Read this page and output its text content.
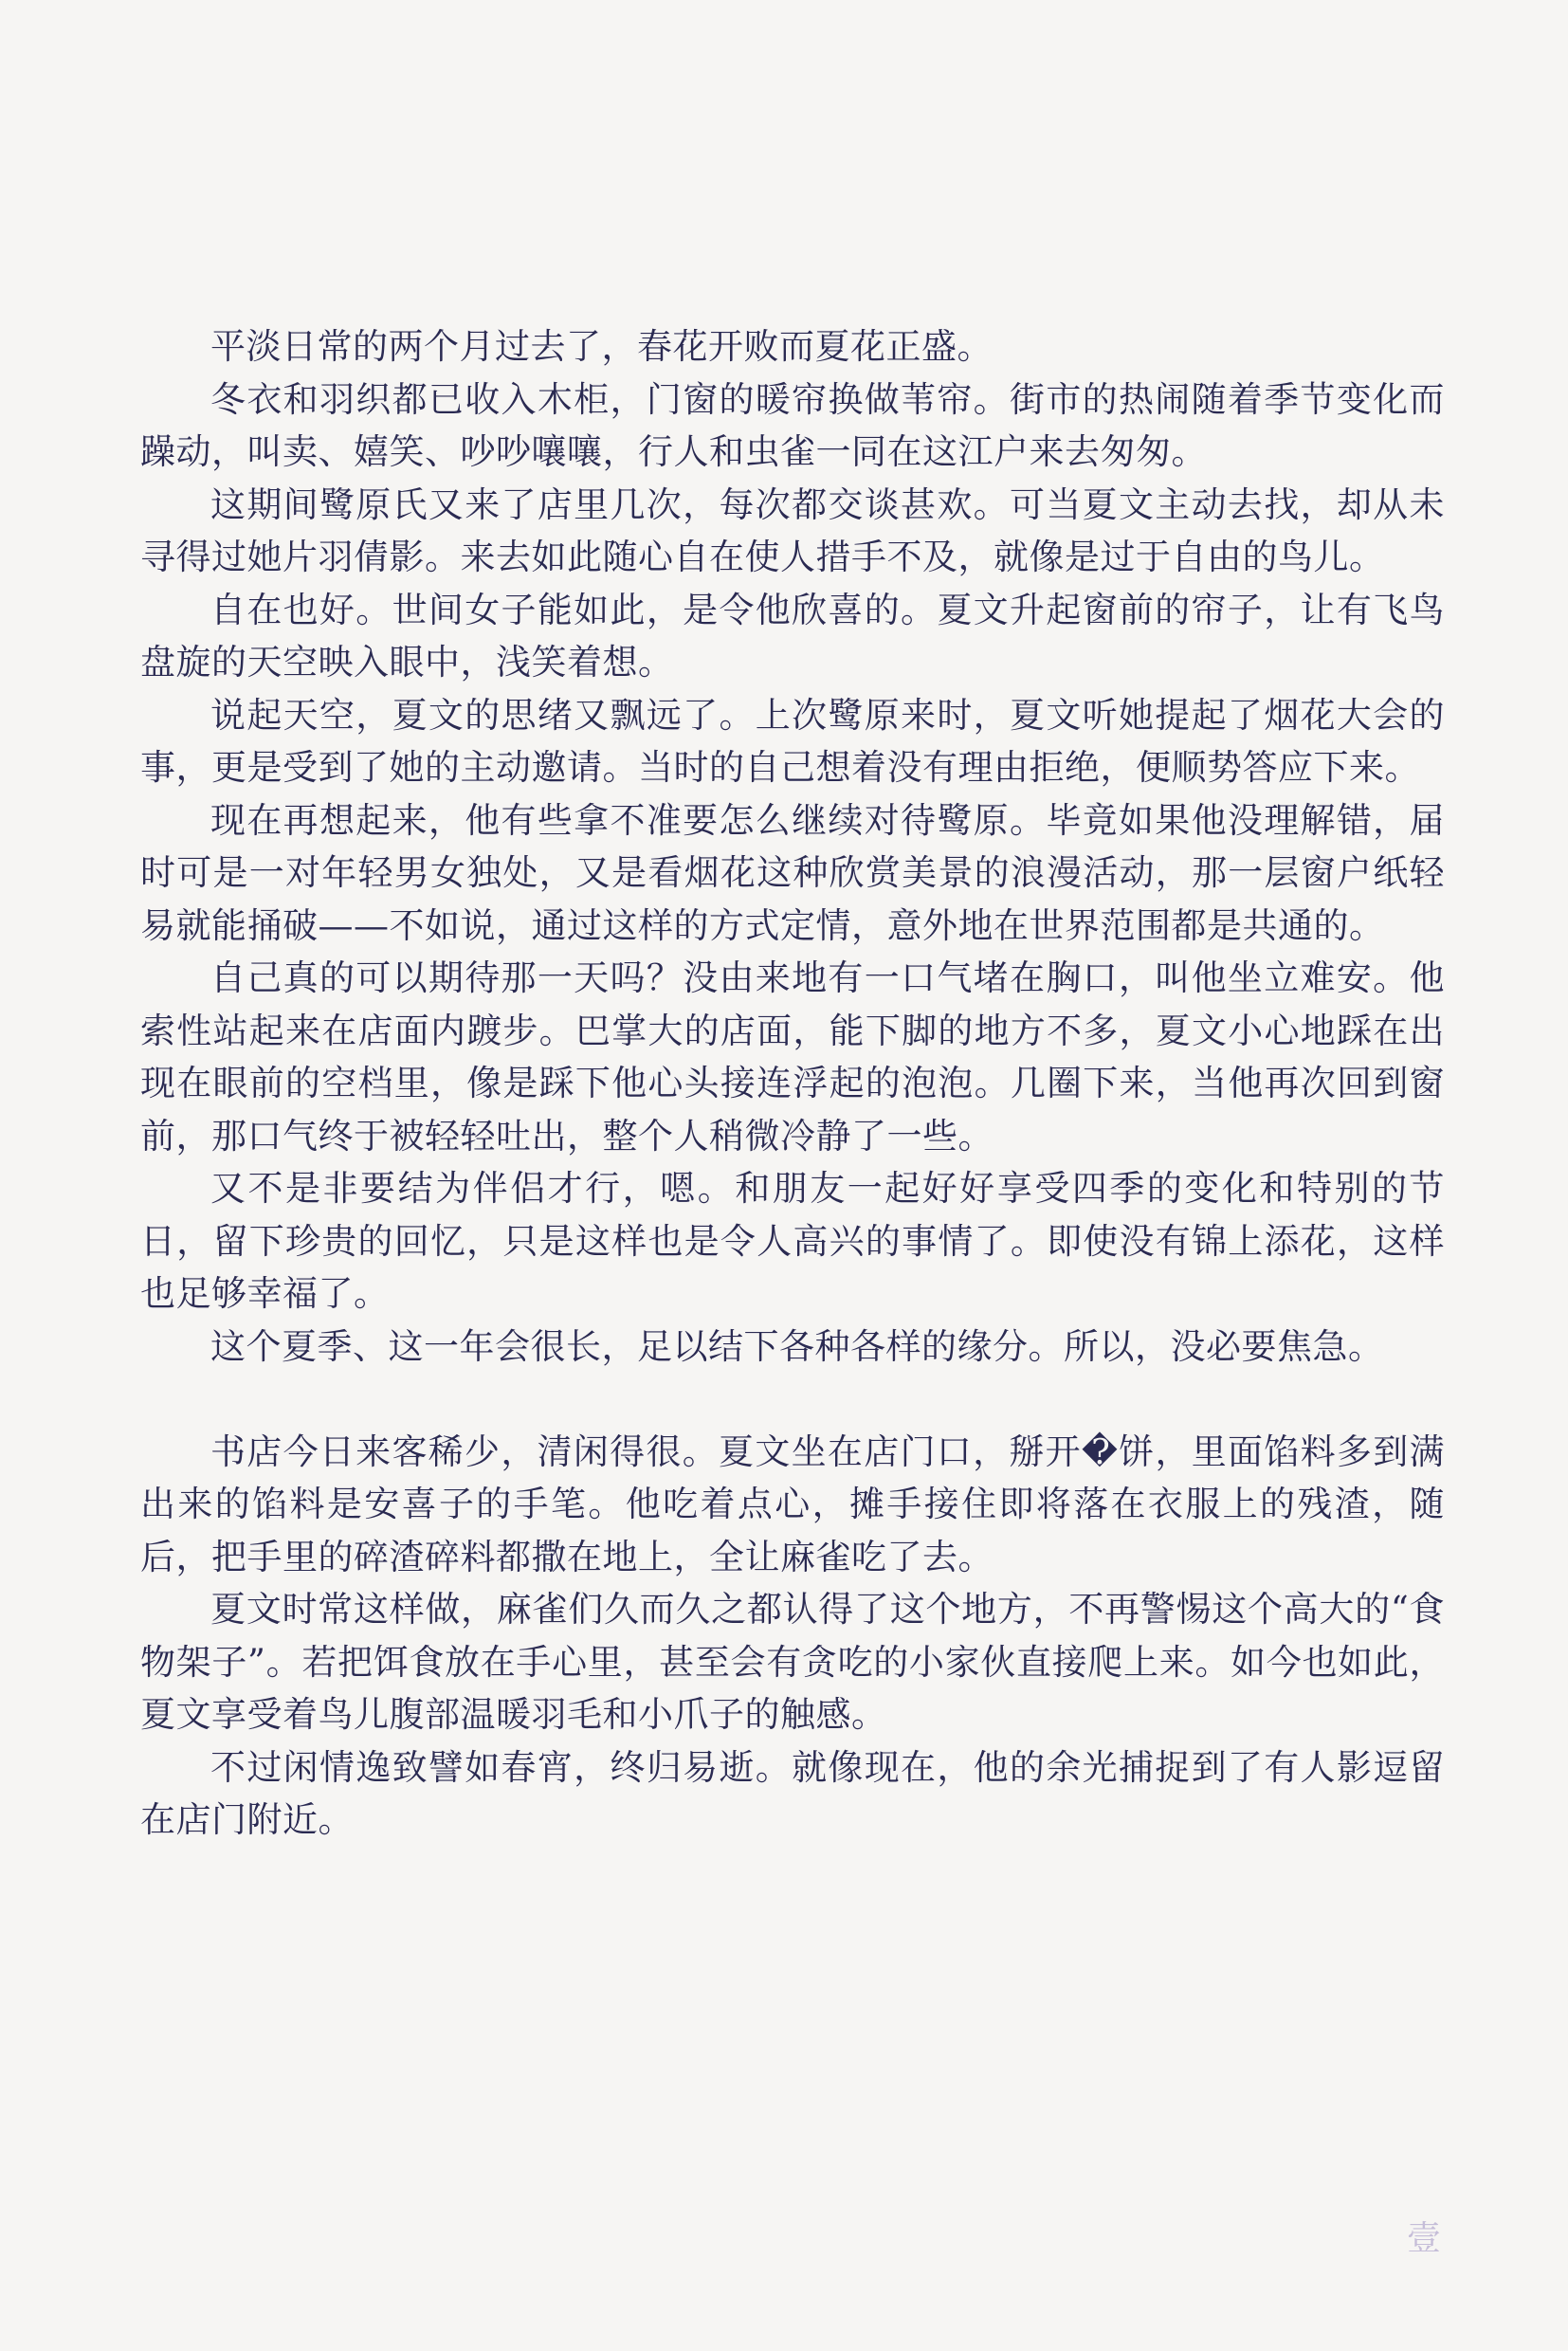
平淡日常的两个月过去了，春花开败而夏花正盛。

冬衣和羽织都已收入木柜，门窗的暖帘换做苇帘。街市的热闹随着季节变化而躁动，叫卖、嬉笑、吵吵嚷嚷，行人和虫雀一同在这江户来去匆匆。

这期间鹭原氏又来了店里几次，每次都交谈甚欢。可当夏文主动去找，却从未寻得过她片羽倩影。来去如此随心自在使人措手不及，就像是过于自由的鸟儿。

自在也好。世间女子能如此，是令他欣喜的。夏文升起窗前的帘子，让有飞鸟盘旋的天空映入眼中，浅笑着想。

说起天空，夏文的思绪又飘远了。上次鹭原来时，夏文听她提起了烟花大会的事，更是受到了她的主动邀请。当时的自己想着没有理由拒绝，便顺势答应下来。

现在再想起来，他有些拿不准要怎么继续对待鹭原。毕竟如果他没理解错，届时可是一对年轻男女独处，又是看烟花这种欣赏美景的浪漫活动，那一层窗户纸轻易就能捅破——不如说，通过这样的方式定情，意外地在世界范围都是共通的。

自己真的可以期待那一天吗？没由来地有一口气堵在胸口，叫他坐立难安。他索性站起来在店面内踱步。巴掌大的店面，能下脚的地方不多，夏文小心地踩在出现在眼前的空档里，像是踩下他心头接连浮起的泡泡。几圈下来，当他再次回到窗前，那口气终于被轻轻吐出，整个人稍微冷静了一些。

又不是非要结为伴侣才行，嗯。和朋友一起好好享受四季的变化和特别的节日，留下珍贵的回忆，只是这样也是令人高兴的事情了。即使没有锦上添花，这样也足够幸福了。

这个夏季、这一年会很长，足以结下各种各样的缘分。所以，没必要焦急。

书店今日来客稀少，清闲得很。夏文坐在店门口，掰开�饼，里面馅料多到满出来的馅料是安喜子的手笔。他吃着点心，摊手接住即将落在衣服上的残渣，随后，把手里的碎渣碎料都撒在地上，全让麻雀吃了去。

夏文时常这样做，麻雀们久而久之都认得了这个地方，不再警惕这个高大的“食物架子”。若把饵食放在手心里，甚至会有贪吃的小家伙直接爬上来。如今也如此，夏文享受着鸟儿腹部温暖羽毛和小爪子的触感。

不过闲情逸致譬如春宵，终归易逝。就像现在，他的余光捕捉到了有人影逗留在店门附近。

壹
